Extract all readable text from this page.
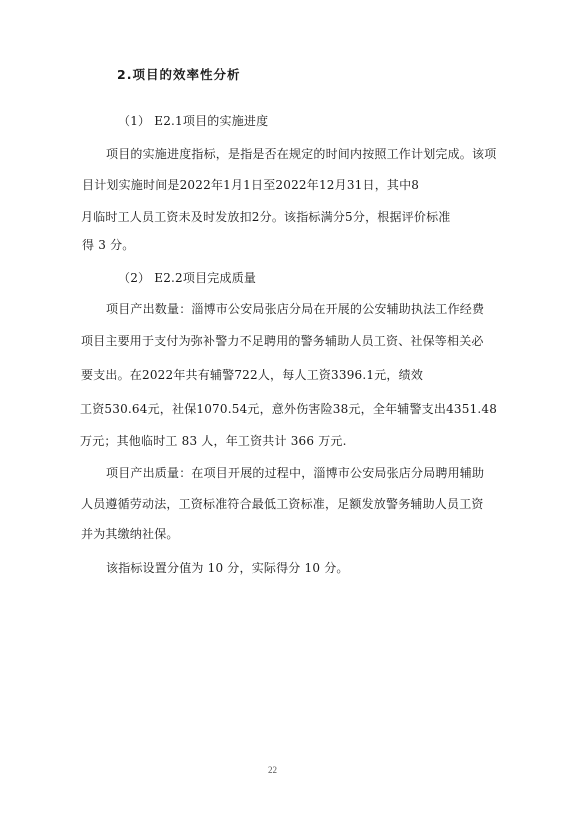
2.项目的效率性分析
（1） E2.1项目的实施进度
项目的实施进度指标，是指是否在规定的时间内按照工作计划完成。该项
目计划实施时间是2022年1月1日至2022年12月31日，其中8
月临时工人员工资未及时发放扣2分。该指标满分5分，根据评价标准
得 3 分。
（2） E2.2项目完成质量
项目产出数量：淄博市公安局张店分局在开展的公安辅助执法工作经费
项目主要用于支付为弥补警力不足聘用的警务辅助人员工资、社保等相关必
要支出。在2022年共有辅警722人，每人工资3396.1元，绩效
工资530.64元，社保1070.54元，意外伤害险38元，全年辅警支出4351.48
万元；其他临时工 83 人，年工资共计 366 万元.
项目产出质量：在项目开展的过程中，淄博市公安局张店分局聘用辅助
人员遵循劳动法，工资标准符合最低工资标准，足额发放警务辅助人员工资
并为其缴纳社保。
该指标设置分值为 10 分，实际得分 10 分。
22
